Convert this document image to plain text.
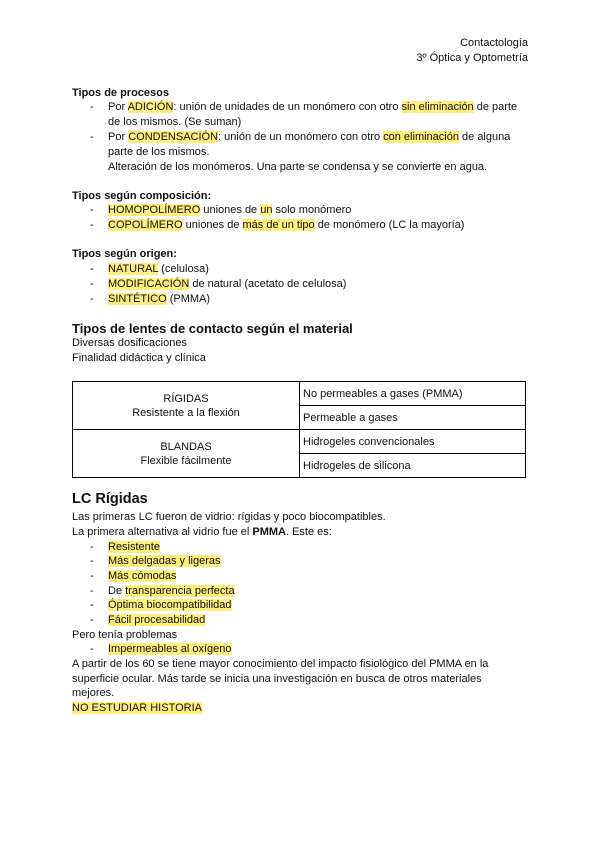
Contactología
3º Óptica y Optometría
Tipos de procesos
- Por ADICIÓN: unión de unidades de un monómero con otro sin eliminación de parte
de los mismos. (Se suman)
- Por CONDENSACIÓN: unión de un monómero con otro con eliminación de alguna
parte de los mismos.
Alteración de los monómeros. Una parte se condensa y se convierte en agua.
Tipos según composición:
- HOMOPOLÍMERO uniones de un solo monómero
- COPOLÍMERO uniones de más de un tipo de monómero (LC la mayoría)
Tipos según origen:
- NATURAL (celulosa)
- MODIFICACIÓN de natural (acetato de celulosa)
- SINTÉTICO (PMMA)
Tipos de lentes de contacto según el material
Diversas dosificaciones
Finalidad didáctica y clínica
RÍGIDAS
Resistente a la flexión	No permeables a gases (PMMA)
	Permeable a gases

BLANDAS
Flexible fácilmente	Hidrogeles convencionales
	Hidrogeles de silicona
LC Rígidas
Las primeras LC fueron de vidrio: rígidas y poco biocompatibles.
La primera alternativa al vidrio fue el PMMA. Este es:
- Resistente
- Más delgadas y ligeras
- Más cómodas
- De transparencia perfecta
- Óptima biocompatibilidad
- Fácil procesabilidad
Pero tenía problemas
- Impermeables al oxígeno
A partir de los 60 se tiene mayor conocimiento del impacto fisiológico del PMMA en la
superficie ocular. Más tarde se inicia una investigación en busca de otros materiales
mejores.
NO ESTUDIAR HISTORIA
